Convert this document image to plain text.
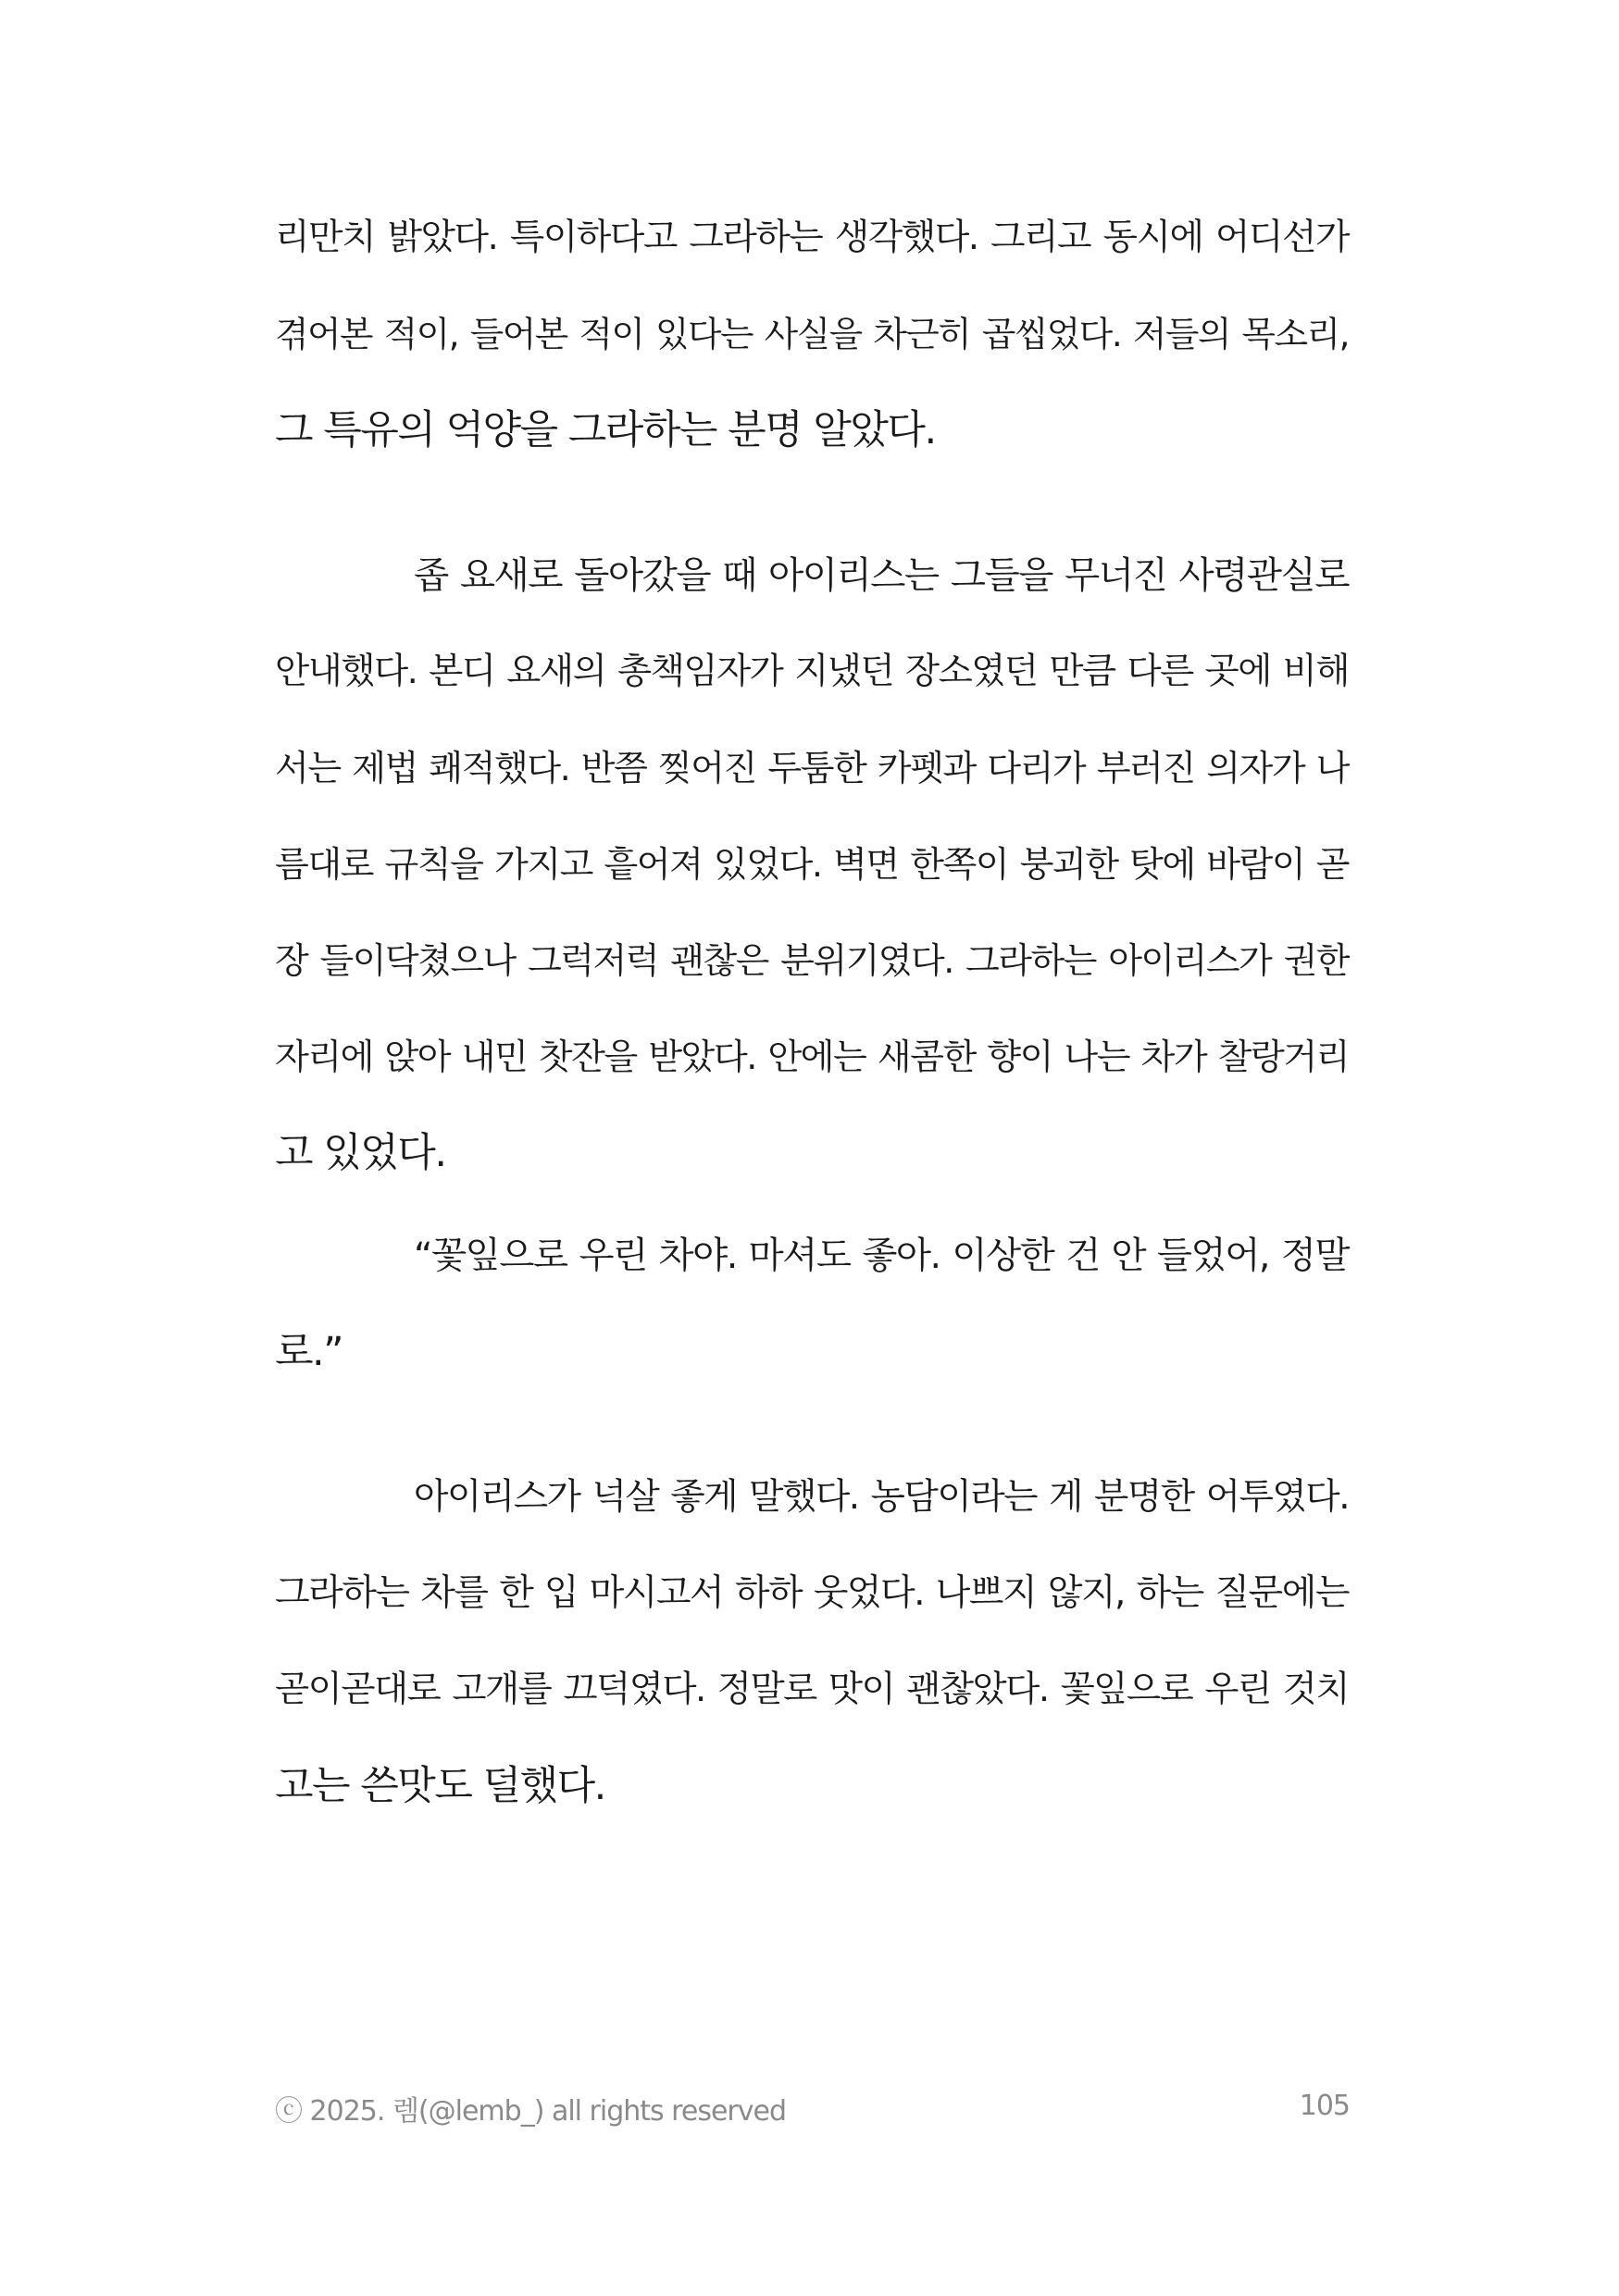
리만치 밝았다. 특이하다고 그라하는 생각했다. 그리고 동시에 어디선가
겪어본 적이, 들어본 적이 있다는 사실을 차근히 곱씹었다. 저들의 목소리,
그 특유의 억양을 그라하는 분명 알았다.
좁 요새로 돌아갔을 때 아이리스는 그들을 무너진 사령관실로
안내했다. 본디 요새의 총책임자가 지냈던 장소였던 만큼 다른 곳에 비해
서는 제법 쾌적했다. 반쯤 찢어진 두툼한 카펫과 다리가 부러진 의자가 나
름대로 규칙을 가지고 흩어져 있었다. 벽면 한쪽이 붕괴한 탓에 바람이 곧
장 들이닥쳤으나 그럭저럭 괜찮은 분위기였다. 그라하는 아이리스가 권한
자리에 앉아 내민 찻잔을 받았다. 안에는 새콤한 향이 나는 차가 찰랑거리
고 있었다.
“꽃잎으로 우린 차야. 마셔도 좋아. 이상한 건 안 들었어, 정말
로.”
아이리스가 넉살 좋게 말했다. 농담이라는 게 분명한 어투였다.
그라하는 차를 한 입 마시고서 하하 웃었다. 나쁘지 않지, 하는 질문에는
곧이곧대로 고개를 끄덕였다. 정말로 맛이 괜찮았다. 꽃잎으로 우린 것치
고는 쓴맛도 덜했다.
ⓒ 2025. 렘(@lemb_) all rights reserved	105
